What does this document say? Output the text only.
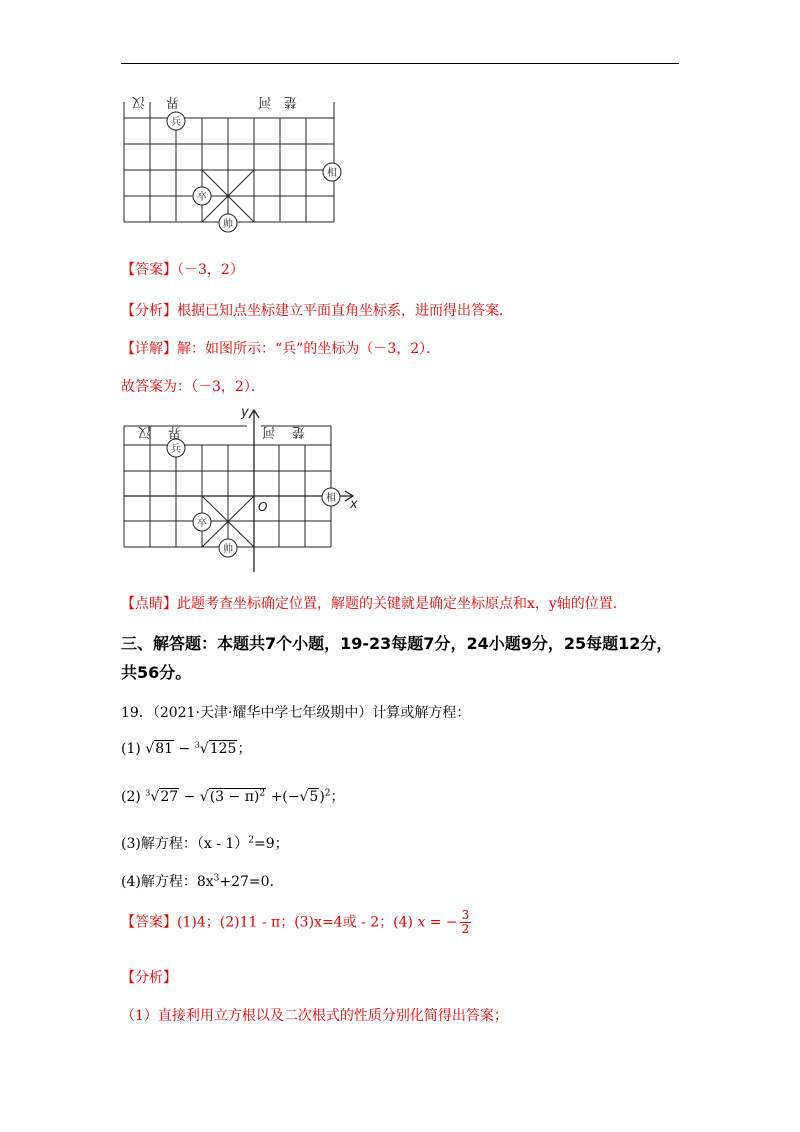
汉 界	河 楚
兵
相
卒
帅
【答案】（－3，2）
【分析】根据已知点坐标建立平面直角坐标系，进而得出答案．
【详解】解：如图所示：“兵”的坐标为（－3，2）．
故答案为：（－3，2）．
汉 界	河 楚
y
x
O
兵
相
卒
帅
【点睛】此题考查坐标确定位置，解题的关键就是确定坐标原点和x，y轴的位置．
三、解答题：本题共7个小题，19-23每题7分，24小题9分，25每题12分，
共56分。
19．（2021·天津·耀华中学七年级期中）计算或解方程：
(1) √81 − $^3$√125；
(2) $^3√27 - √(3 - \pi)^2 +(-√5)^2$；
(3)解方程：（x - 1）$^2$=9；
(4)解方程：$8x^3+27=0$．
【答案】(1)4；(2)11 - π；(3)x=4或 - 2；(4) x = − $\frac{3}{2}$
【分析】
（1）直接利用立方根以及二次根式的性质分别化简得出答案；
